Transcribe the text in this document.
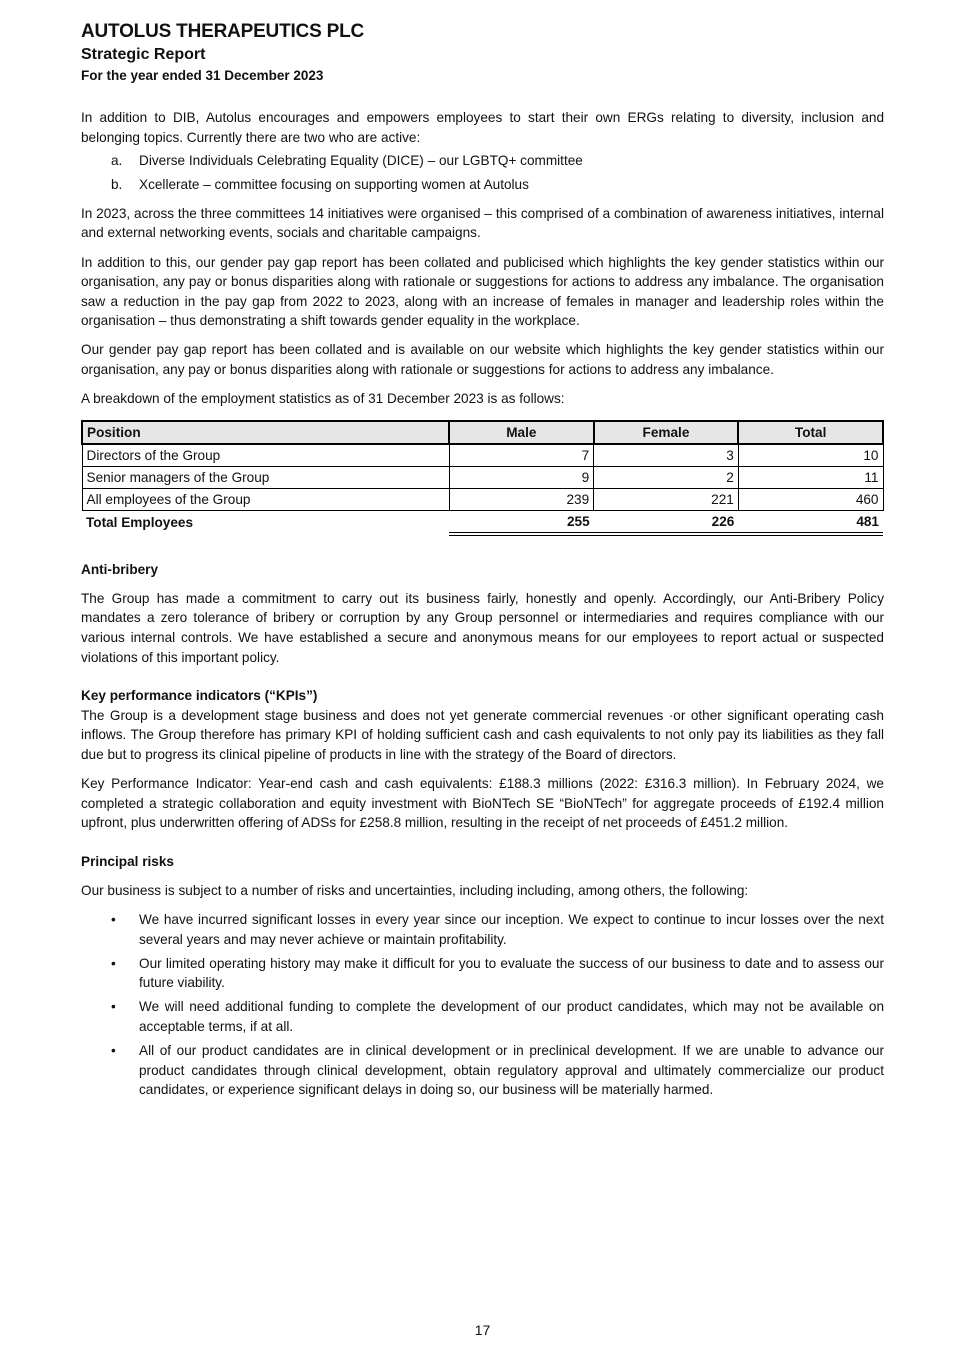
AUTOLUS THERAPEUTICS PLC
Strategic Report
For the year ended 31 December 2023

In addition to DIB, Autolus encourages and empowers employees to start their own ERGs relating to diversity, inclusion and belonging topics. Currently there are two who are active:

a.	Diverse Individuals Celebrating Equality (DICE) – our LGBTQ+ committee
b.	Xcellerate – committee focusing on supporting women at Autolus

In 2023, across the three committees 14 initiatives were organised – this comprised of a combination of awareness initiatives, internal and external networking events, socials and charitable campaigns.

In addition to this, our gender pay gap report has been collated and publicised which highlights the key gender statistics within our organisation, any pay or bonus disparities along with rationale or suggestions for actions to address any imbalance. The organisation saw a reduction in the pay gap from 2022 to 2023, along with an increase of females in manager and leadership roles within the organisation – thus demonstrating a shift towards gender equality in the workplace.

Our gender pay gap report has been collated and is available on our website which highlights the key gender statistics within our organisation, any pay or bonus disparities along with rationale or suggestions for actions to address any imbalance.

A breakdown of the employment statistics as of 31 December 2023 is as follows:

Position	Male	Female	Total
Directors of the Group	7	3	10
Senior managers of the Group	9	2	11
All employees of the Group	239	221	460
Total Employees	255	226	481

Anti-bribery

The Group has made a commitment to carry out its business fairly, honestly and openly. Accordingly, our Anti-Bribery Policy mandates a zero tolerance of bribery or corruption by any Group personnel or intermediaries and requires compliance with our various internal controls. We have established a secure and anonymous means for our employees to report actual or suspected violations of this important policy.

Key performance indicators (“KPIs”)

The Group is a development stage business and does not yet generate commercial revenues ·or other significant operating cash inflows. The Group therefore has primary KPI of holding sufficient cash and cash equivalents to not only pay its liabilities as they fall due but to progress its clinical pipeline of products in line with the strategy of the Board of directors.

Key Performance Indicator: Year-end cash and cash equivalents: £188.3 millions (2022: £316.3 million). In February 2024, we completed a strategic collaboration and equity investment with BioNTech SE “BioNTech” for aggregate proceeds of £192.4 million upfront, plus underwritten offering of ADSs for £258.8 million, resulting in the receipt of net proceeds of £451.2 million.

Principal risks

Our business is subject to a number of risks and uncertainties, including including, among others, the following:

•	We have incurred significant losses in every year since our inception. We expect to continue to incur losses over the next several years and may never achieve or maintain profitability.
•	Our limited operating history may make it difficult for you to evaluate the success of our business to date and to assess our future viability.
•	We will need additional funding to complete the development of our product candidates, which may not be available on acceptable terms, if at all.
•	All of our product candidates are in clinical development or in preclinical development. If we are unable to advance our product candidates through clinical development, obtain regulatory approval and ultimately commercialize our product candidates, or experience significant delays in doing so, our business will be materially harmed.
17
